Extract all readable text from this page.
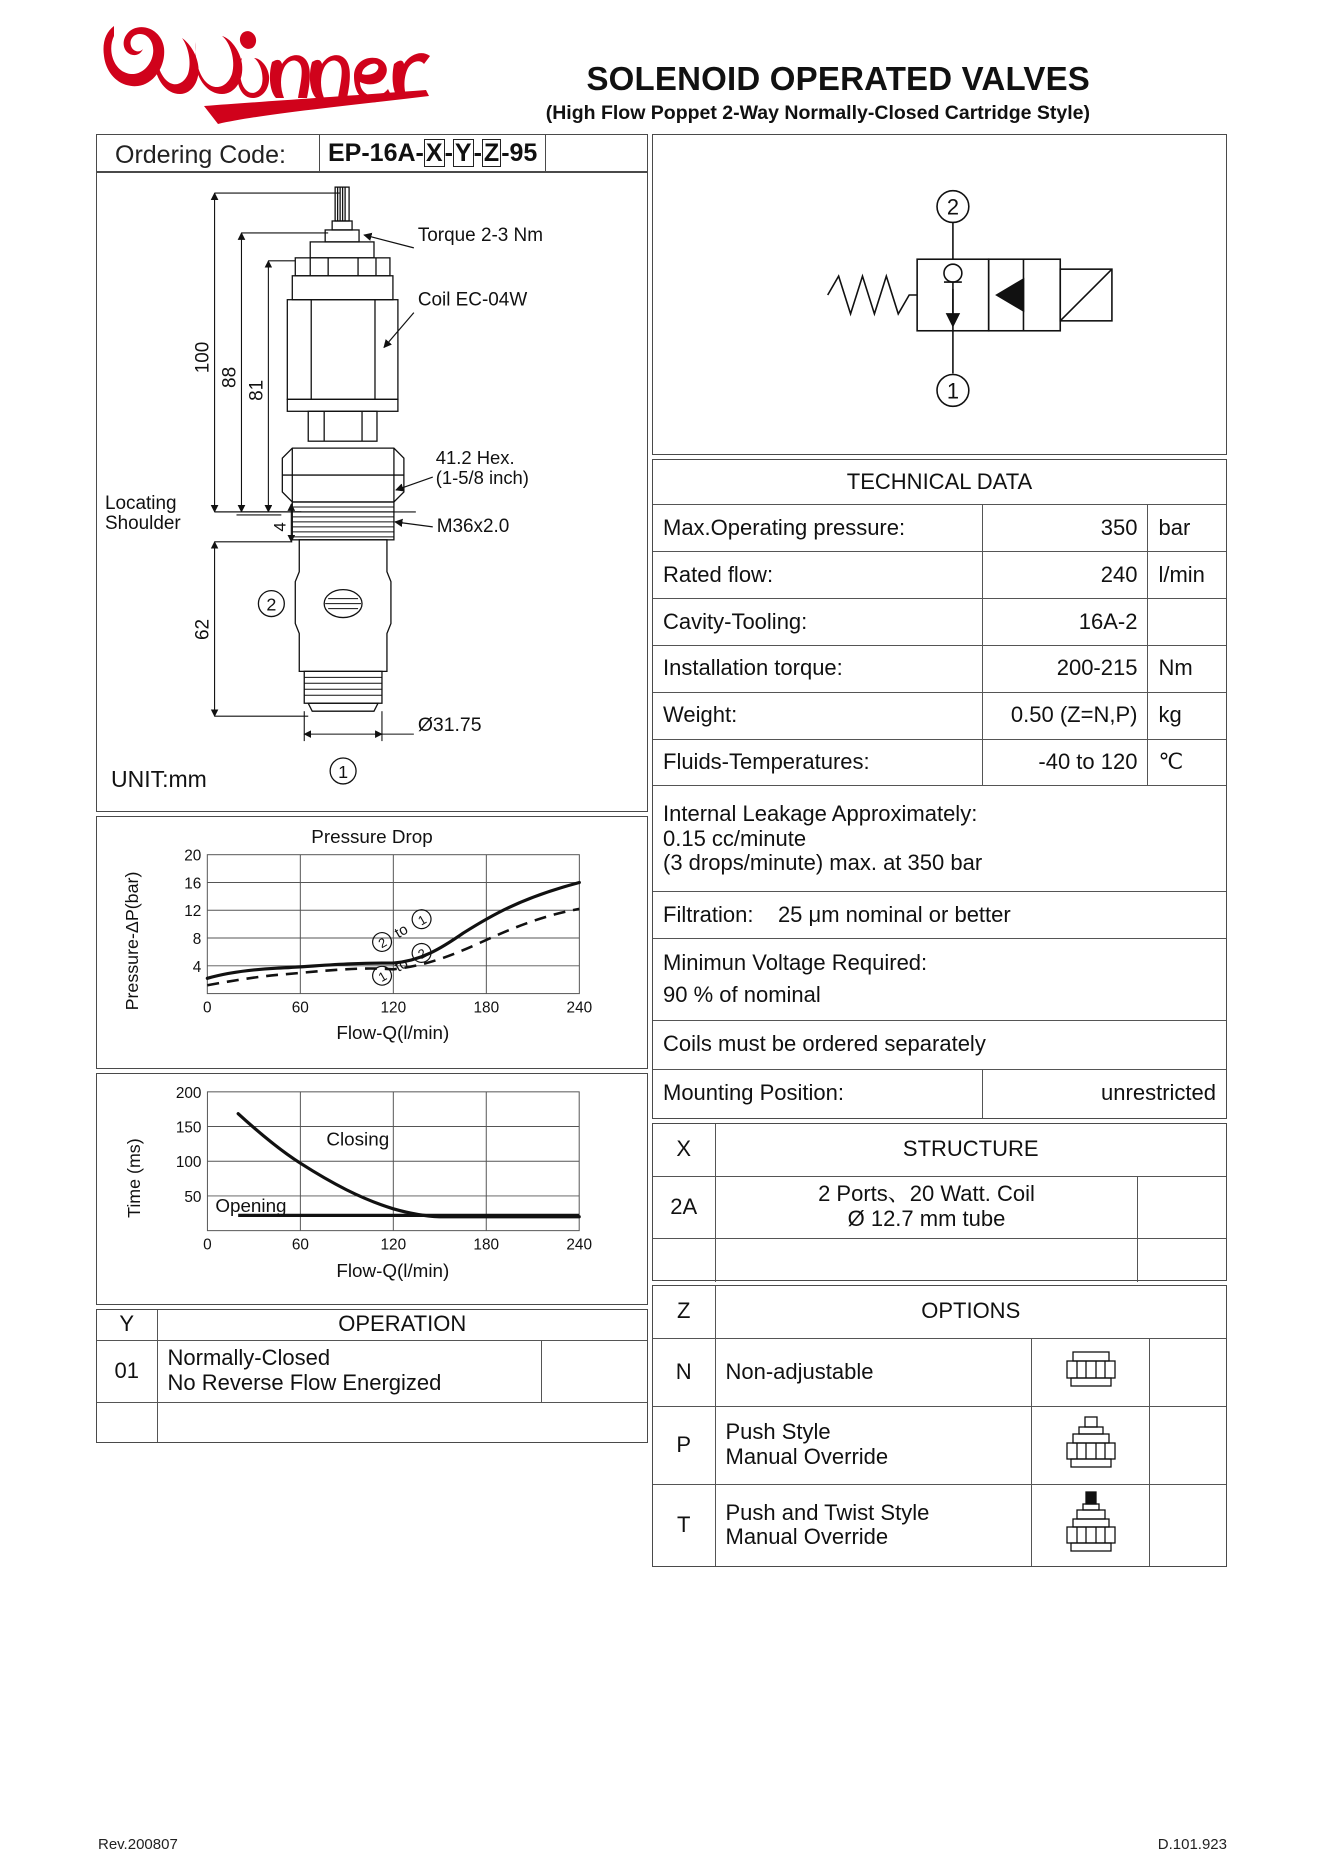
SOLENOID OPERATED VALVES
(High Flow Poppet 2-Way Normally-Closed Cartridge Style)
Ordering Code: EP-16A- X - Y - Z -95
100
88
81
62
4
Torque 2-3 Nm
Coil EC-04W
41.2 Hex.
(1-5/8 inch)
M36x2.0
Locating
Shoulder
Ø31.75
2
1
UNIT:mm
Pressure Drop
Pressure-ΔP(bar)
20
16
12
8
4
0	60	120	180	240
Flow-Q(l/min)
2
to
1
1
to
2
Time (ms)
200
150
100
50
0	60	120	180	240
Flow-Q(l/min)
Closing
Opening
Y	OPERATION	
01	Normally-Closed
No Reverse Flow Energized	

2
1
TECHNICAL DATA		
Max.Operating pressure:	350	bar
Rated flow:	240	l/min
Cavity-Tooling:	16A-2	
Installation torque:	200-215	Nm
Weight:	0.50 (Z=N,P)	kg
Fluids-Temperatures:	-40 to 120	℃

Internal Leakage Approximately:
0.15 cc/minute
(3 drops/minute) max. at 350 bar		

Filtration: 25 μm nominal or better		

Minimun Voltage Required:
90 % of nominal		

Coils must be ordered separately		
Mounting Position:	unrestricted	
X	STRUCTURE	
2A	2 Ports、20 Watt. Coil
Ø 12.7 mm tube	

Z	OPTIONS		
N	Non-adjustable

P	Push Style
Manual Override

T	Push and Twist Style
Manual Override

Rev.200807	D.101.923
